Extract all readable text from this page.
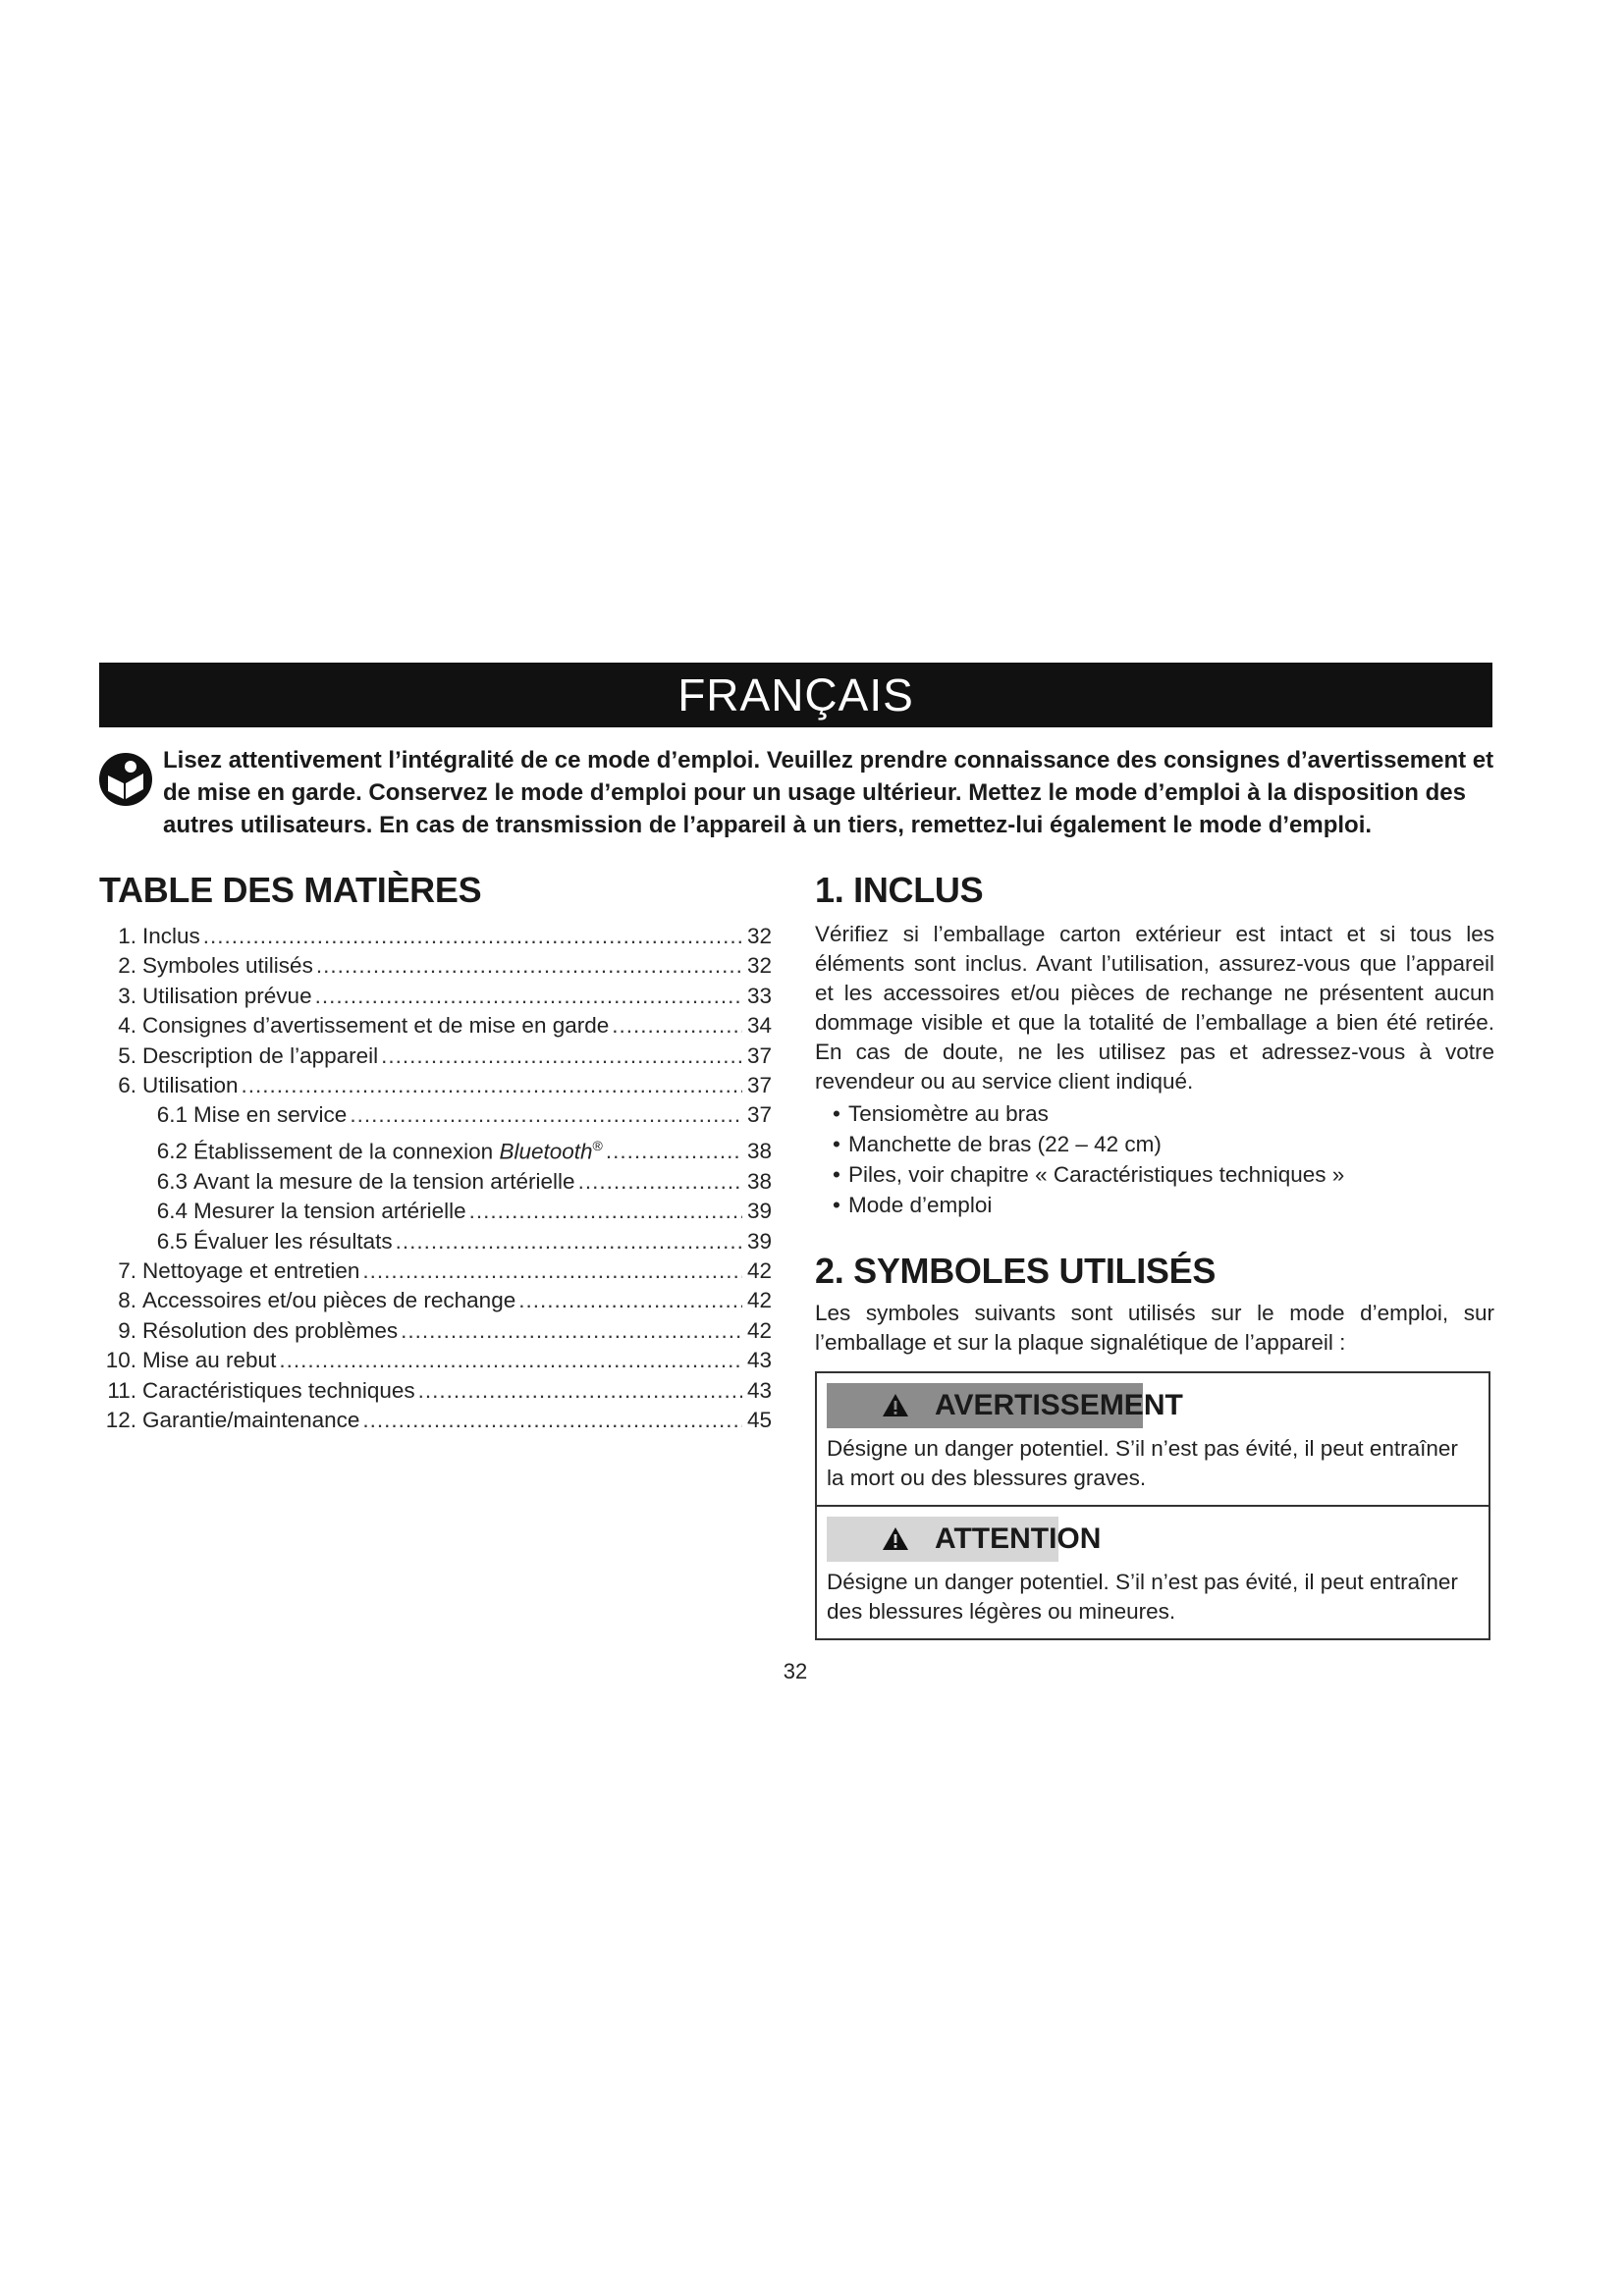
FRANÇAIS
Lisez attentivement l’intégralité de ce mode d’emploi. Veuillez prendre connaissance des consignes d’avertissement et de mise en garde. Conservez le mode d’emploi pour un usage ultérieur. Mettez le mode d’emploi à la disposition des autres utilisateurs. En cas de transmission de l’appareil à un tiers, remettez-lui également le mode d’emploi.
TABLE DES MATIÈRES
1. Inclus .....	32
2. Symboles utilisés .....	32
3. Utilisation prévue .....	33
4. Consignes d’avertissement et de mise en garde .....	34
5. Description de l’appareil .....	37
6. Utilisation .....	37
6.1 Mise en service .....	37
6.2 Établissement de la connexion Bluetooth® .....	38
6.3 Avant la mesure de la tension artérielle .....	38
6.4 Mesurer la tension artérielle .....	39
6.5 Évaluer les résultats .....	39
7. Nettoyage et entretien .....	42
8. Accessoires et/ou pièces de rechange .....	42
9. Résolution des problèmes .....	42
10. Mise au rebut .....	43
11. Caractéristiques techniques .....	43
12. Garantie/maintenance .....	45
1. INCLUS

Vérifiez si l’emballage carton extérieur est intact et si tous les éléments sont inclus. Avant l’utilisation, assurez-vous que l’appareil et les accessoires et/ou pièces de rechange ne présentent aucun dommage visible et que la totalité de l’emballage a bien été retirée. En cas de doute, ne les utilisez pas et adressez-vous à votre revendeur ou au service client indiqué.

• Tensiomètre au bras
• Manchette de bras (22 – 42 cm)
• Piles, voir chapitre « Caractéristiques techniques »
• Mode d’emploi
2. SYMBOLES UTILISÉS

Les symboles suivants sont utilisés sur le mode d’emploi, sur l’emballage et sur la plaque signalétique de l’appareil :

AVERTISSEMENT

Désigne un danger potentiel. S’il n’est pas évité, il peut entraîner la mort ou des blessures graves.

ATTENTION

Désigne un danger potentiel. S’il n’est pas évité, il peut entraîner des blessures légères ou mineures.

32
